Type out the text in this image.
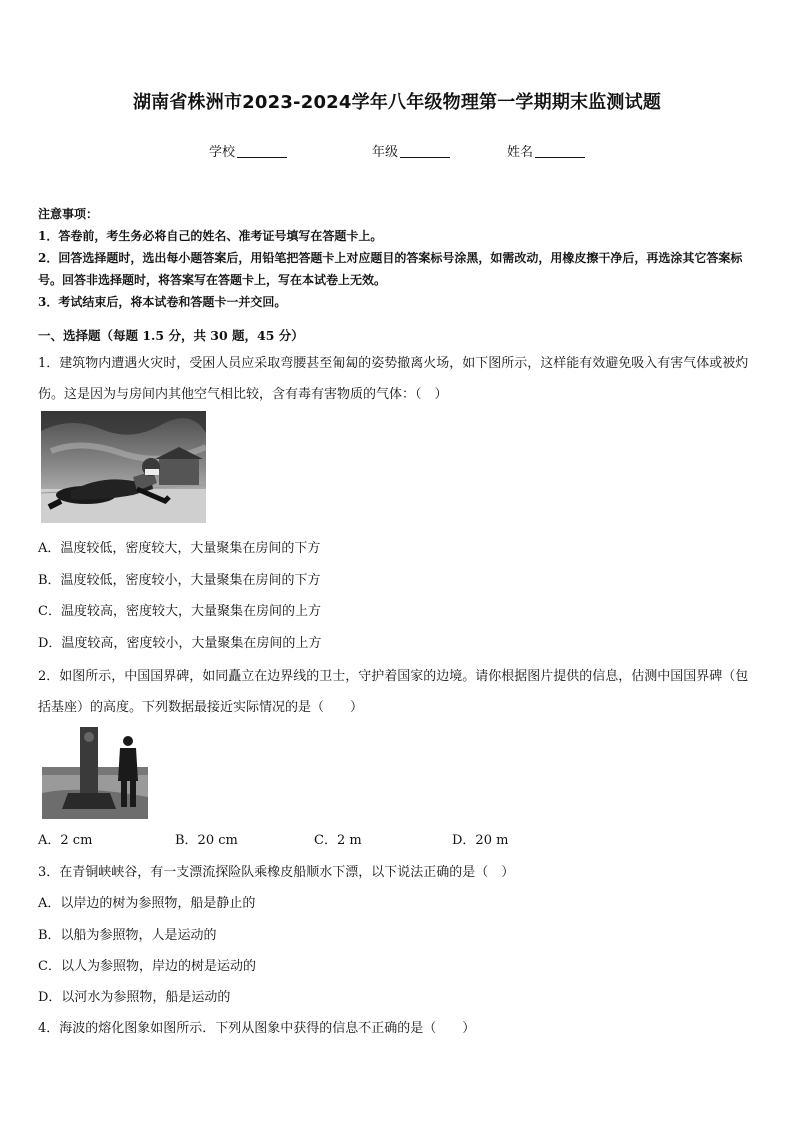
湖南省株洲市2023-2024学年八年级物理第一学期期末监测试题
学校	年级	姓名

注意事项：

1．答卷前，考生务必将自己的姓名、准考证号填写在答题卡上。

2．回答选择题时，选出每小题答案后，用铅笔把答题卡上对应题目的答案标号涂黑，如需改动，用橡皮擦干净后，再选涂其它答案标号。回答非选择题时，将答案写在答题卡上，写在本试卷上无效。

3．考试结束后，将本试卷和答题卡一并交回。

一、选择题（每题 1.5 分，共 30 题，45 分）

1．建筑物内遭遇火灾时，受困人员应采取弯腰甚至匍匐的姿势撤离火场，如下图所示，这样能有效避免吸入有害气体或被灼伤。这是因为与房间内其他空气相比较，含有毒有害物质的气体：（　）

A．温度较低，密度较大，大量聚集在房间的下方

B．温度较低，密度较小，大量聚集在房间的下方

C．温度较高，密度较大，大量聚集在房间的上方

D．温度较高，密度较小，大量聚集在房间的上方

2．如图所示，中国国界碑，如同矗立在边界线的卫士，守护着国家的边境。请你根据图片提供的信息，估测中国国界碑（包括基座）的高度。下列数据最接近实际情况的是（　　）

A．2 cm	B．20 cm	C．2 m	D．20 m

3．在青铜峡峡谷，有一支漂流探险队乘橡皮船顺水下漂，以下说法正确的是（　）

A．以岸边的树为参照物，船是静止的

B．以船为参照物，人是运动的

C．以人为参照物，岸边的树是运动的

D．以河水为参照物，船是运动的

4．海波的熔化图象如图所示．下列从图象中获得的信息不正确的是（　　）
